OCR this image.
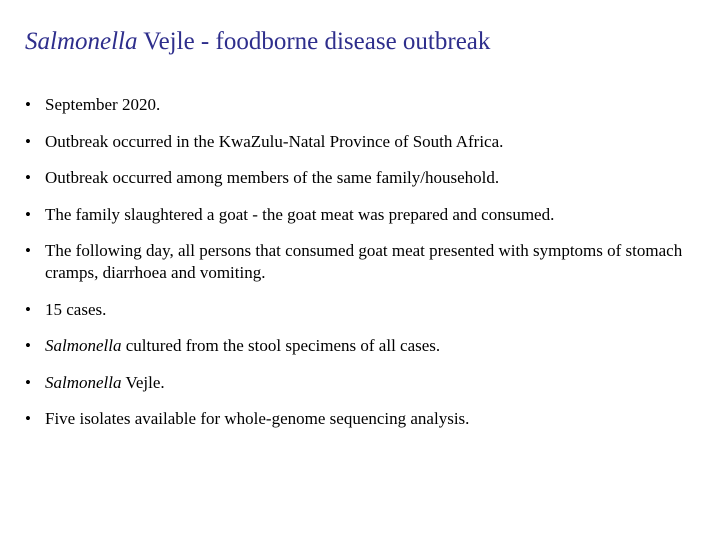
Salmonella Vejle - foodborne disease outbreak
• September 2020.
• Outbreak occurred in the KwaZulu-Natal Province of South Africa.
• Outbreak occurred among members of the same family/household.
• The family slaughtered a goat - the goat meat was prepared and consumed.
• The following day, all persons that consumed goat meat presented with symptoms of stomach cramps, diarrhoea and vomiting.
• 15 cases.
• Salmonella cultured from the stool specimens of all cases.
• Salmonella Vejle.
• Five isolates available for whole-genome sequencing analysis.
